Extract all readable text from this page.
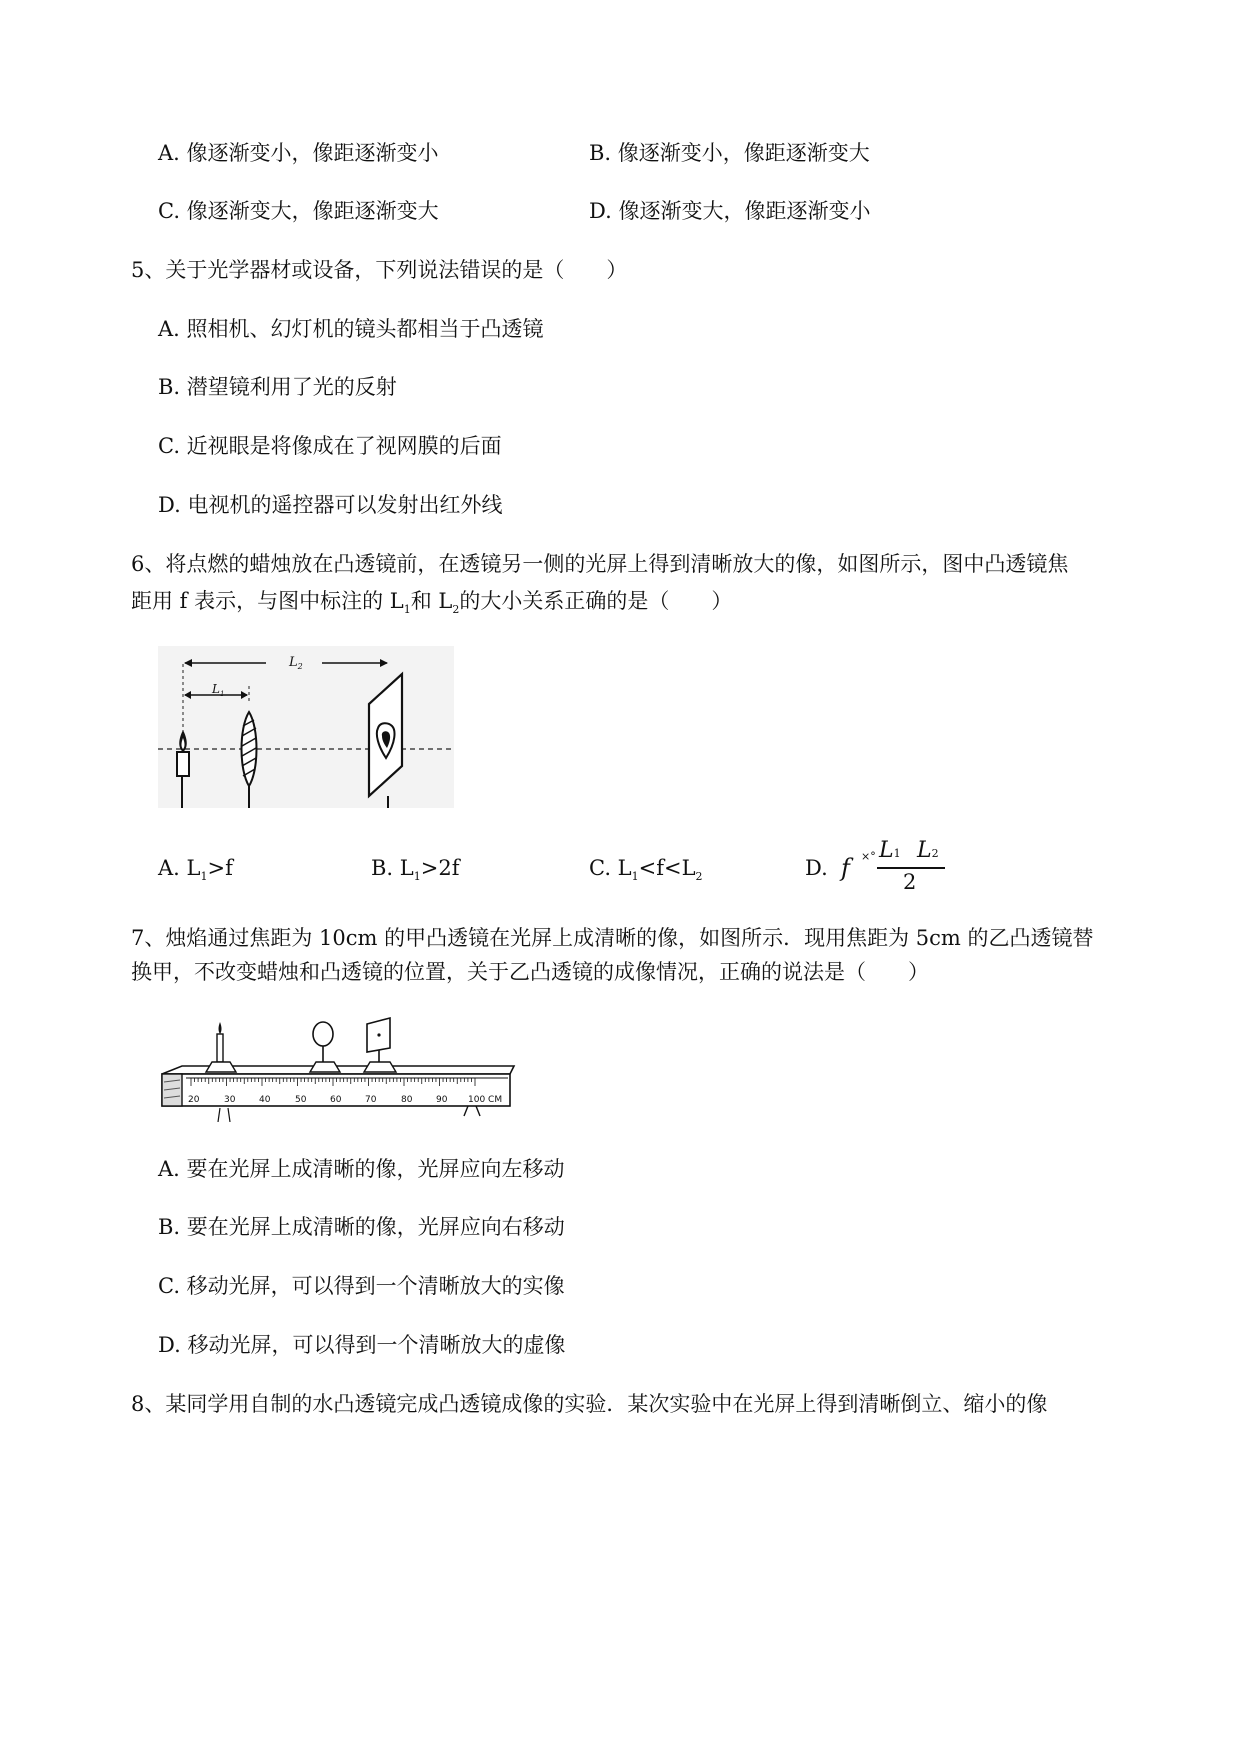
A. 像逐渐变小，像距逐渐变小	B. 像逐渐变小，像距逐渐变大
C. 像逐渐变大，像距逐渐变大	D. 像逐渐变大，像距逐渐变小
5、关于光学器材或设备，下列说法错误的是（　　）
A. 照相机、幻灯机的镜头都相当于凸透镜
B. 潜望镜利用了光的反射
C. 近视眼是将像成在了视网膜的后面
D. 电视机的遥控器可以发射出红外线
6、将点燃的蜡烛放在凸透镜前，在透镜另一侧的光屏上得到清晰放大的像，如图所示，图中凸透镜焦
距用 f 表示，与图中标注的 $L_1$和 $L_2$的大小关系正确的是（　　）
$L_2$
$L_1$
A. $L_1>f$	B. $L_1>2f$	C. $L_1<f<L_2$	D. f ×° L1 L2
2
7、烛焰通过焦距为 10cm 的甲凸透镜在光屏上成清晰的像，如图所示．现用焦距为 5cm 的乙凸透镜替
换甲，不改变蜡烛和凸透镜的位置，关于乙凸透镜的成像情况，正确的说法是（　　）
20	30	40	50	60	70	80	90 100 CM
A. 要在光屏上成清晰的像，光屏应向左移动
B. 要在光屏上成清晰的像，光屏应向右移动
C. 移动光屏，可以得到一个清晰放大的实像
D. 移动光屏，可以得到一个清晰放大的虚像
8、某同学用自制的水凸透镜完成凸透镜成像的实验．某次实验中在光屏上得到清晰倒立、缩小的像
